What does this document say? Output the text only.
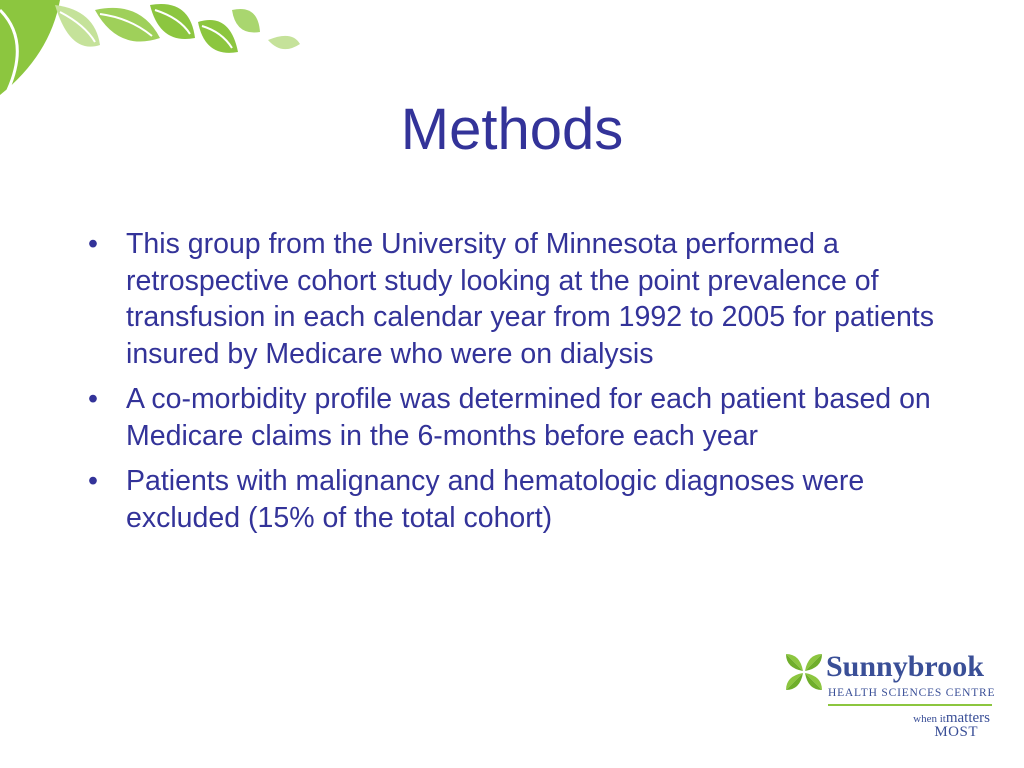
Methods
• This group from the University of Minnesota performed a retrospective cohort study looking at the point prevalence of transfusion in each calendar year from 1992 to 2005 for patients insured by Medicare who were on dialysis
• A co-morbidity profile was determined for each patient based on Medicare claims in the 6-months before each year
• Patients with malignancy and hematologic diagnoses were excluded (15% of the total cohort)
Sunnybrook
HEALTH SCIENCES CENTRE
when itmatters
MOST
